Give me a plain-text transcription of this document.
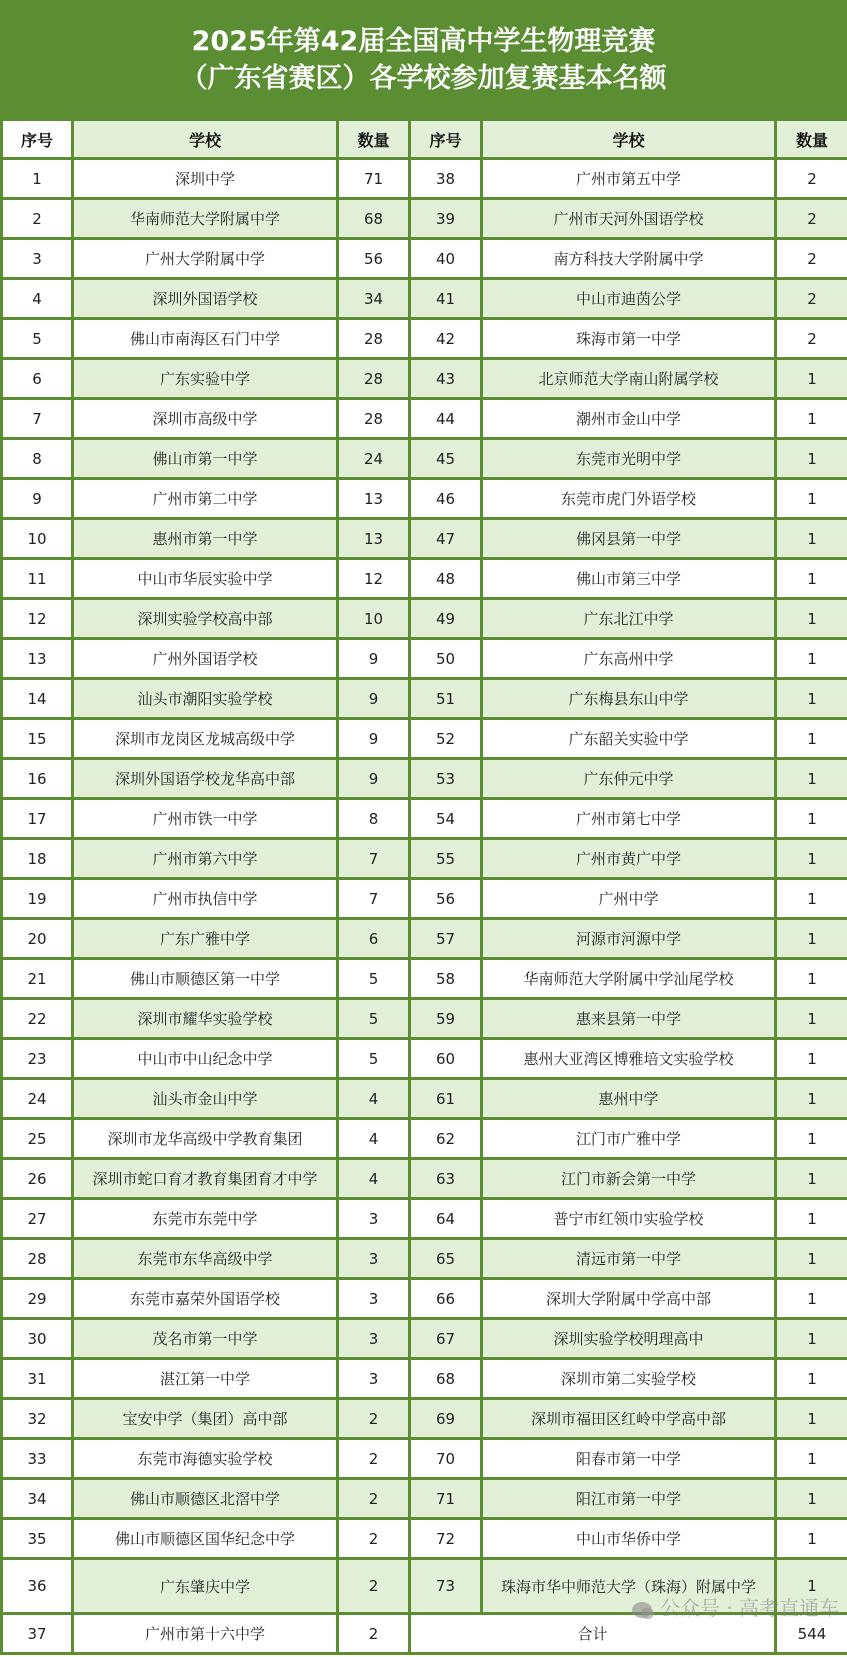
2025年第42届全国高中学生物理竞赛
（广东省赛区）各学校参加复赛基本名额
序号	学校	数量	序号	学校	数量
1	深圳中学	71	38	广州市第五中学	2
2	华南师范大学附属中学	68	39	广州市天河外国语学校	2
3	广州大学附属中学	56	40	南方科技大学附属中学	2
4	深圳外国语学校	34	41	中山市迪茵公学	2
5	佛山市南海区石门中学	28	42	珠海市第一中学	2
6	广东实验中学	28	43	北京师范大学南山附属学校	1
7	深圳市高级中学	28	44	潮州市金山中学	1
8	佛山市第一中学	24	45	东莞市光明中学	1
9	广州市第二中学	13	46	东莞市虎门外语学校	1
10	惠州市第一中学	13	47	佛冈县第一中学	1
11	中山市华辰实验中学	12	48	佛山市第三中学	1
12	深圳实验学校高中部	10	49	广东北江中学	1
13	广州外国语学校	9	50	广东高州中学	1
14	汕头市潮阳实验学校	9	51	广东梅县东山中学	1
15	深圳市龙岗区龙城高级中学	9	52	广东韶关实验中学	1
16	深圳外国语学校龙华高中部	9	53	广东仲元中学	1
17	广州市铁一中学	8	54	广州市第七中学	1
18	广州市第六中学	7	55	广州市黄广中学	1
19	广州市执信中学	7	56	广州中学	1
20	广东广雅中学	6	57	河源市河源中学	1
21	佛山市顺德区第一中学	5	58	华南师范大学附属中学汕尾学校	1
22	深圳市耀华实验学校	5	59	惠来县第一中学	1
23	中山市中山纪念中学	5	60	惠州大亚湾区博雅培文实验学校	1
24	汕头市金山中学	4	61	惠州中学	1
25	深圳市龙华高级中学教育集团	4	62	江门市广雅中学	1
26	深圳市蛇口育才教育集团育才中学	4	63	江门市新会第一中学	1
27	东莞市东莞中学	3	64	普宁市红领巾实验学校	1
28	东莞市东华高级中学	3	65	清远市第一中学	1
29	东莞市嘉荣外国语学校	3	66	深圳大学附属中学高中部	1
30	茂名市第一中学	3	67	深圳实验学校明理高中	1
31	湛江第一中学	3	68	深圳市第二实验学校	1
32	宝安中学（集团）高中部	2	69	深圳市福田区红岭中学高中部	1
33	东莞市海德实验学校	2	70	阳春市第一中学	1
34	佛山市顺德区北滘中学	2	71	阳江市第一中学	1
35	佛山市顺德区国华纪念中学	2	72	中山市华侨中学	1
36	广东肇庆中学	2	73	珠海市华中师范大学（珠海）附属中学	1
37	广州市第十六中学	2	合计		544
公众号 · 高考直通车
